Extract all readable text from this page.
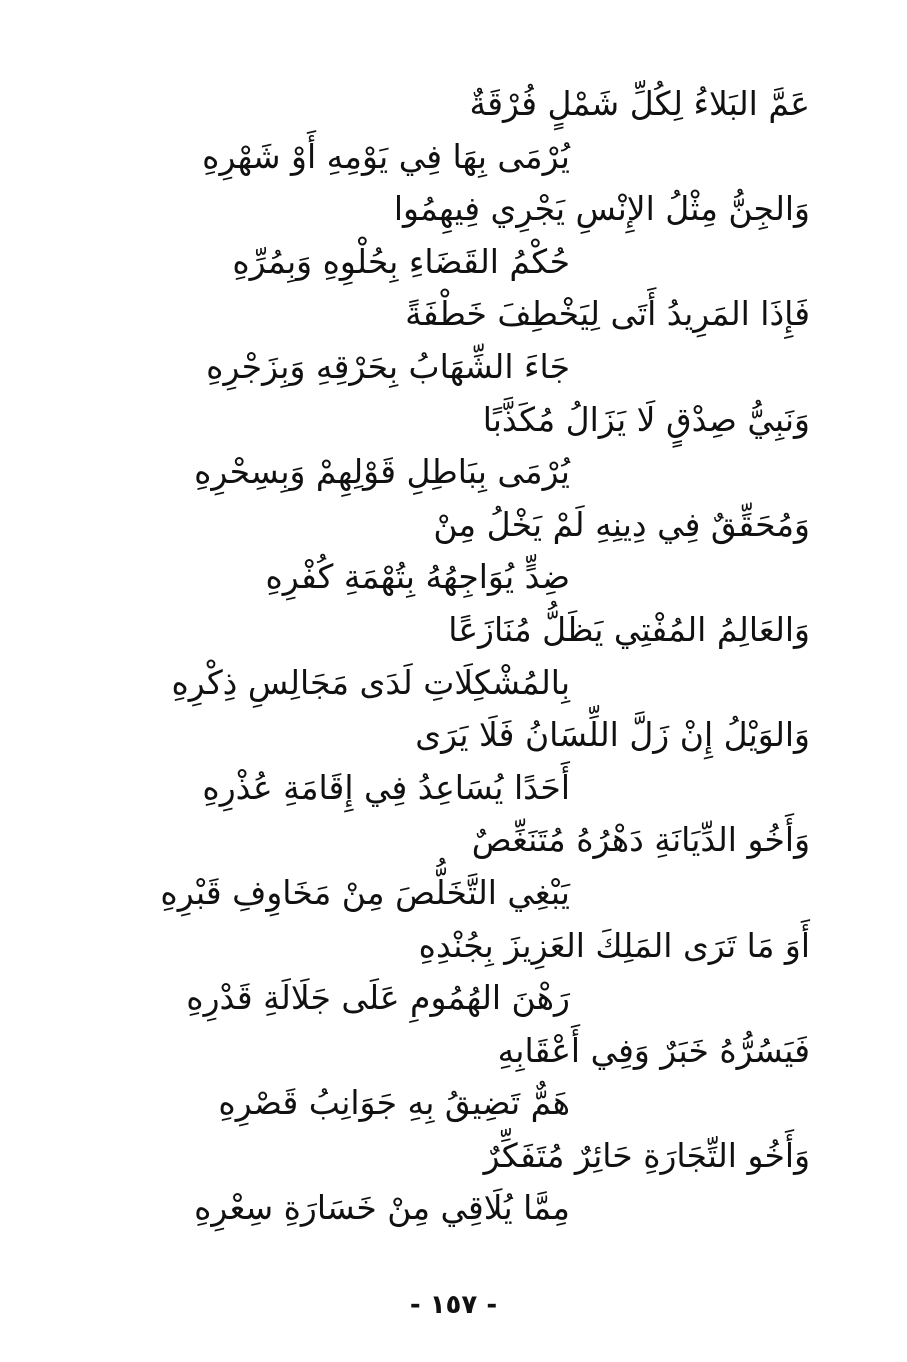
عَمَّ البَلاءُ لِكُلِّ شَمْلٍ فُرْقَةٌ
يُرْمَى بِهَا فِي يَوْمِهِ أَوْ شَهْرِهِ
وَالجِنُّ مِثْلُ الإِنْسِ يَجْرِي فِيهِمُوا
حُكْمُ القَضَاءِ بِحُلْوِهِ وَبِمُرِّهِ
فَإِذَا المَرِيدُ أَتَى لِيَخْطِفَ خَطْفَةً
جَاءَ الشِّهَابُ بِحَرْقِهِ وَبِزَجْرِهِ
وَنَبِيُّ صِدْقٍ لَا يَزَالُ مُكَذَّبًا
يُرْمَى بِبَاطِلِ قَوْلِهِمْ وَبِسِحْرِهِ
وَمُحَقِّقٌ فِي دِينِهِ لَمْ يَخْلُ مِنْ
ضِدٍّ يُوَاجِهُهُ بِتُهْمَةِ كُفْرِهِ
وَالعَالِمُ المُفْتِي يَظَلُّ مُنَازَعًا
بِالمُشْكِلَاتِ لَدَى مَجَالِسِ ذِكْرِهِ
وَالوَيْلُ إِنْ زَلَّ اللِّسَانُ فَلَا يَرَى
أَحَدًا يُسَاعِدُ فِي إِقَامَةِ عُذْرِهِ
وَأَخُو الدِّيَانَةِ دَهْرُهُ مُتَنَغِّصٌ
يَبْغِي التَّخَلُّصَ مِنْ مَخَاوِفِ قَبْرِهِ
أَوَ مَا تَرَى المَلِكَ العَزِيزَ بِجُنْدِهِ
رَهْنَ الهُمُومِ عَلَى جَلَالَةِ قَدْرِهِ
فَيَسُرُّهُ خَبَرٌ وَفِي أَعْقَابِهِ
هَمٌّ تَضِيقُ بِهِ جَوَانِبُ قَصْرِهِ
وَأَخُو التِّجَارَةِ حَائِرٌ مُتَفَكِّرٌ
مِمَّا يُلَاقِي مِنْ خَسَارَةِ سِعْرِهِ
- ١٥٧ -
